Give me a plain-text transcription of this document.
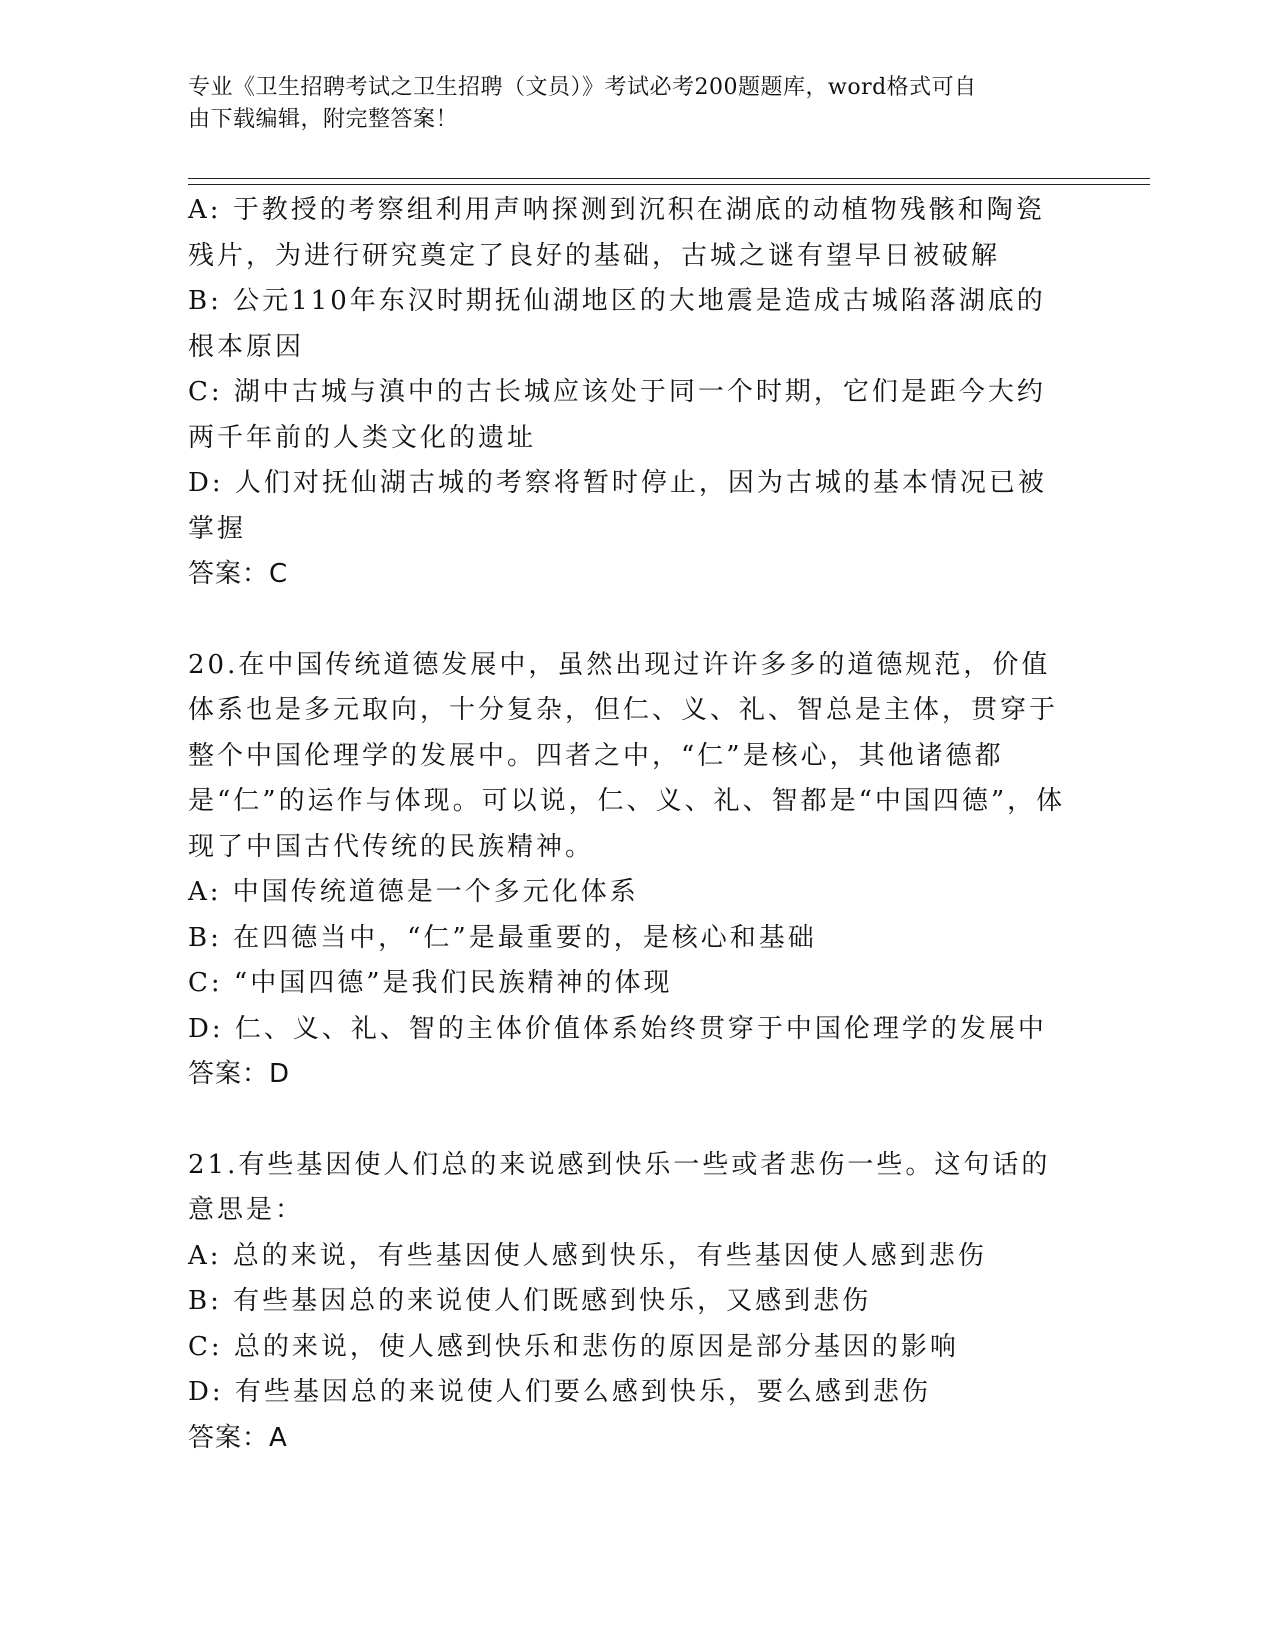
专业《卫生招聘考试之卫生招聘（文员）》考试必考200题题库，word格式可自
由下载编辑，附完整答案！

A: 于教授的考察组利用声呐探测到沉积在湖底的动植物残骸和陶瓷残片，为进行研究奠定了良好的基础，古城之谜有望早日被破解

B: 公元110年东汉时期抚仙湖地区的大地震是造成古城陷落湖底的根本原因

C: 湖中古城与滇中的古长城应该处于同一个时期，它们是距今大约两千年前的人类文化的遗址

D: 人们对抚仙湖古城的考察将暂时停止，因为古城的基本情况已被掌握

答案：C

20.在中国传统道德发展中，虽然出现过许许多多的道德规范，价值体系也是多元取向，十分复杂，但仁、义、礼、智总是主体，贯穿于整个中国伦理学的发展中。四者之中，“仁”是核心，其他诸德都是“仁”的运作与体现。可以说，仁、义、礼、智都是“中国四德”，体现了中国古代传统的民族精神。

A: 中国传统道德是一个多元化体系

B: 在四德当中，“仁”是最重要的，是核心和基础

C: “中国四德”是我们民族精神的体现

D: 仁、义、礼、智的主体价值体系始终贯穿于中国伦理学的发展中

答案：D

21.有些基因使人们总的来说感到快乐一些或者悲伤一些。这句话的意思是：

A: 总的来说，有些基因使人感到快乐，有些基因使人感到悲伤

B: 有些基因总的来说使人们既感到快乐，又感到悲伤

C: 总的来说，使人感到快乐和悲伤的原因是部分基因的影响

D: 有些基因总的来说使人们要么感到快乐，要么感到悲伤

答案：A
